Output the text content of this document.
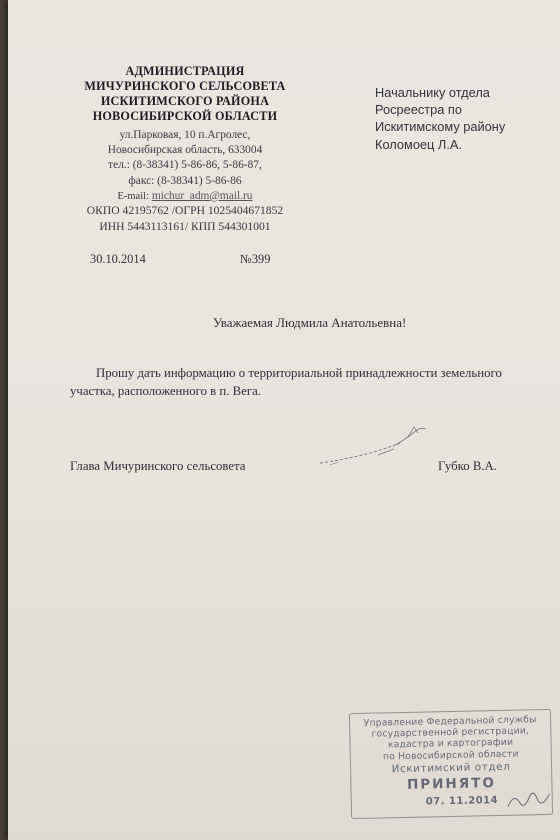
АДМИНИСТРАЦИЯ
МИЧУРИНСКОГО СЕЛЬСОВЕТА
ИСКИТИМСКОГО РАЙОНА
НОВОСИБИРСКОЙ ОБЛАСТИ
ул.Парковая, 10 п.Агролес,
Новосибирская область, 633004
тел.: (8-38341) 5-86-86, 5-86-87,
факс: (8-38341) 5-86-86
E-mail: michur_adm@mail.ru
ОКПО 42195762 /ОГРН 1025404671852
ИНН 5443113161/ КПП 544301001
30.10.2014	№399
Начальнику отдела
Росреестра по
Искитимскому району
Коломоец Л.А.
Уважаемая Людмила Анатольевна!

Прошу дать информацию о территориальной принадлежности земельного участка, расположенного в п. Вега.

Глава Мичуринского сельсовета	Губко В.А.
Управление Федеральной службы
государственной регистрации,
кадастра и картографии
по Новосибирской области
Искитимский отдел
ПРИНЯТО
07. 11.2014
